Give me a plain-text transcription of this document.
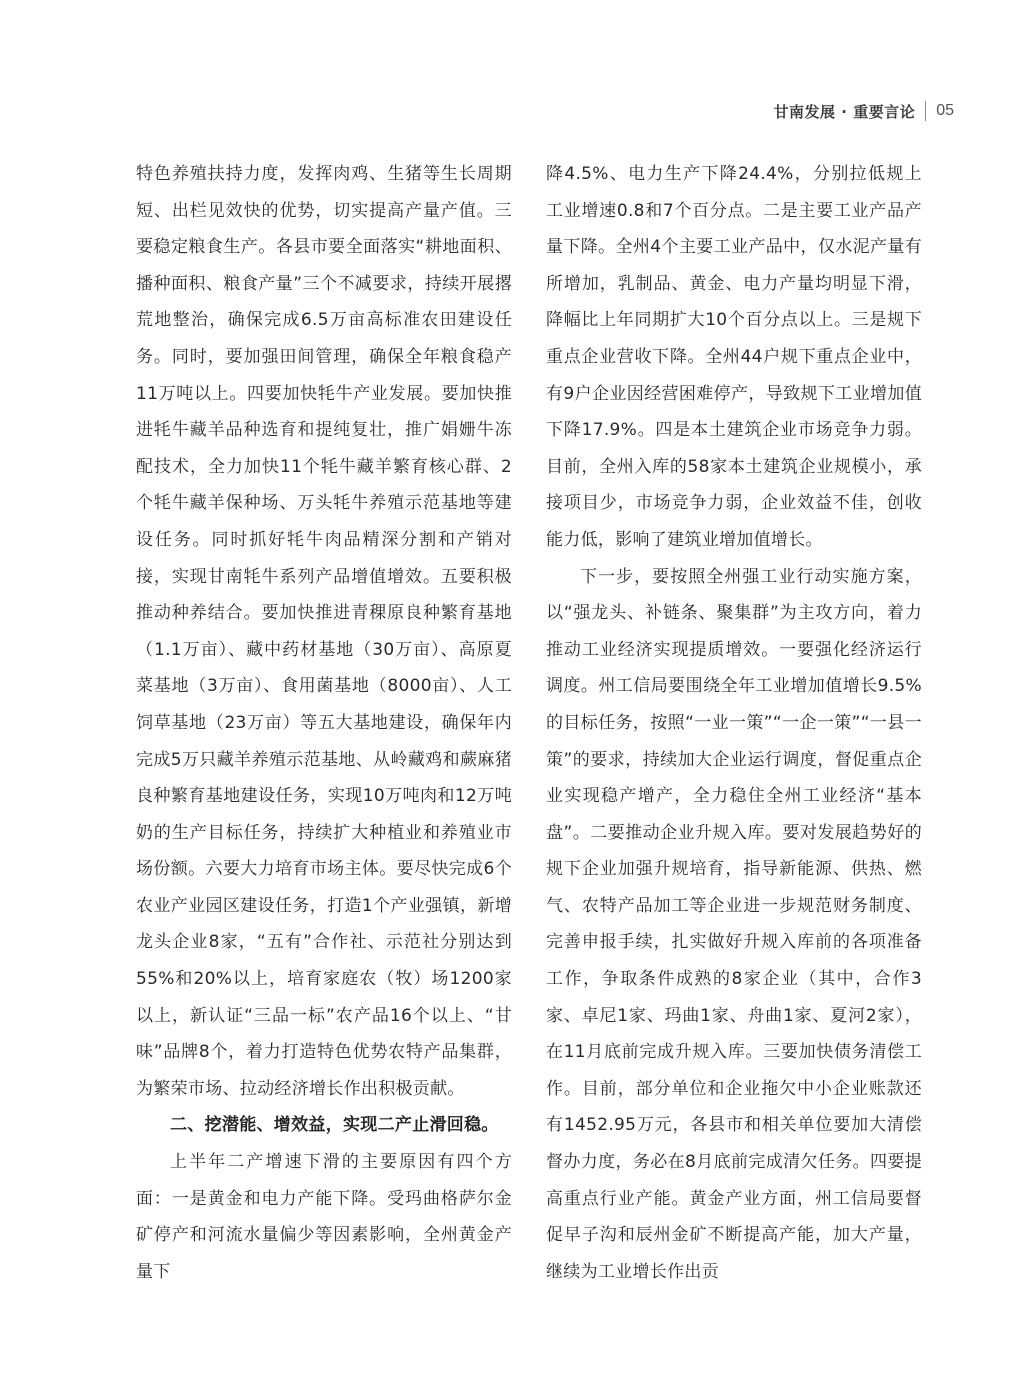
甘南发展 · 重要言论 05

特色养殖扶持力度，发挥肉鸡、生猪等生长周期短、出栏见效快的优势，切实提高产量产值。三要稳定粮食生产。各县市要全面落实“耕地面积、播种面积、粮食产量”三个不减要求，持续开展撂荒地整治，确保完成6.5万亩高标准农田建设任务。同时，要加强田间管理，确保全年粮食稳产11万吨以上。四要加快牦牛产业发展。要加快推进牦牛藏羊品种选育和提纯复壮，推广娟姗牛冻配技术，全力加快11个牦牛藏羊繁育核心群、2个牦牛藏羊保种场、万头牦牛养殖示范基地等建设任务。同时抓好牦牛肉品精深分割和产销对接，实现甘南牦牛系列产品增值增效。五要积极推动种养结合。要加快推进青稞原良种繁育基地（1.1万亩）、藏中药材基地（30万亩）、高原夏菜基地（3万亩）、食用菌基地（8000亩）、人工饲草基地（23万亩）等五大基地建设，确保年内完成5万只藏羊养殖示范基地、从岭藏鸡和蕨麻猪良种繁育基地建设任务，实现10万吨肉和12万吨奶的生产目标任务，持续扩大种植业和养殖业市场份额。六要大力培育市场主体。要尽快完成6个农业产业园区建设任务，打造1个产业强镇，新增龙头企业8家，“五有”合作社、示范社分别达到55%和20%以上，培育家庭农（牧）场1200家以上，新认证“三品一标”农产品16个以上、“甘味”品牌8个，着力打造特色优势农特产品集群，为繁荣市场、拉动经济增长作出积极贡献。

二、挖潜能、增效益，实现二产止滑回稳。

上半年二产增速下滑的主要原因有四个方面：一是黄金和电力产能下降。受玛曲格萨尔金矿停产和河流水量偏少等因素影响，全州黄金产量下

降4.5%、电力生产下降24.4%，分别拉低规上工业增速0.8和7个百分点。二是主要工业产品产量下降。全州4个主要工业产品中，仅水泥产量有所增加，乳制品、黄金、电力产量均明显下滑，降幅比上年同期扩大10个百分点以上。三是规下重点企业营收下降。全州44户规下重点企业中，有9户企业因经营困难停产，导致规下工业增加值下降17.9%。四是本土建筑企业市场竞争力弱。目前，全州入库的58家本土建筑企业规模小，承接项目少，市场竞争力弱，企业效益不佳，创收能力低，影响了建筑业增加值增长。

下一步，要按照全州强工业行动实施方案，以“强龙头、补链条、聚集群”为主攻方向，着力推动工业经济实现提质增效。一要强化经济运行调度。州工信局要围绕全年工业增加值增长9.5% 的目标任务，按照“一业一策”“一企一策”“一县一策”的要求，持续加大企业运行调度，督促重点企业实现稳产增产，全力稳住全州工业经济“基本盘”。二要推动企业升规入库。要对发展趋势好的规下企业加强升规培育，指导新能源、供热、燃气、农特产品加工等企业进一步规范财务制度、完善申报手续，扎实做好升规入库前的各项准备工作，争取条件成熟的8家企业（其中，合作3家、卓尼1家、玛曲1家、舟曲1家、夏河2家），在11月底前完成升规入库。三要加快债务清偿工作。目前，部分单位和企业拖欠中小企业账款还有1452.95万元，各县市和相关单位要加大清偿督办力度，务必在8月底前完成清欠任务。四要提高重点行业产能。黄金产业方面，州工信局要督促早子沟和辰州金矿不断提高产能，加大产量，继续为工业增长作出贡
